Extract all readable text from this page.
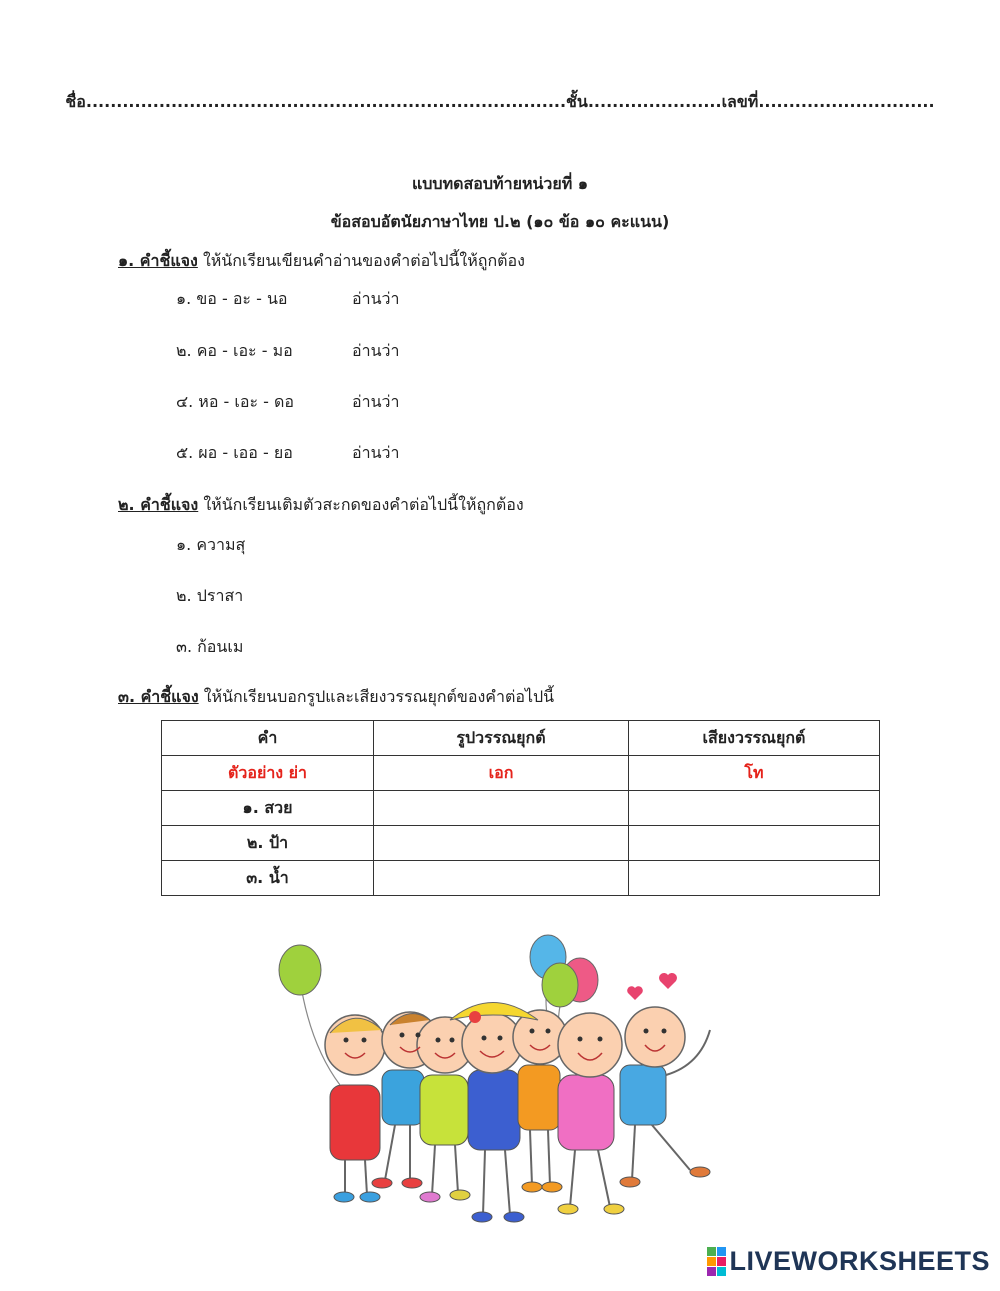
ชื่อ...............................................................................ชั้น......................เลขที่.............................
แบบทดสอบท้ายหน่วยที่ ๑
ข้อสอบอัตนัยภาษาไทย ป.๒ (๑๐ ข้อ ๑๐ คะแนน)
๑. คำชี้แจง ให้นักเรียนเขียนคำอ่านของคำต่อไปนี้ให้ถูกต้อง
๑. ขอ - อะ - นอ	อ่านว่า
๒. คอ - เอะ - มอ	อ่านว่า
๔. หอ - เอะ - ดอ	อ่านว่า
๕. ผอ - เออ - ยอ	อ่านว่า
๒. คำชี้แจง ให้นักเรียนเติมตัวสะกดของคำต่อไปนี้ให้ถูกต้อง
๑. ความสุ
๒. ปราสา
๓. ก้อนเม
๓. คำชี้แจง ให้นักเรียนบอกรูปและเสียงวรรณยุกต์ของคำต่อไปนี้
คำ	รูปวรรณยุกต์	เสียงวรรณยุกต์
ตัวอย่าง ย่า	เอก	โท
๑. สวย		
๒. ป้า		
๓. น้ำ		
LIVEWORKSHEETS
